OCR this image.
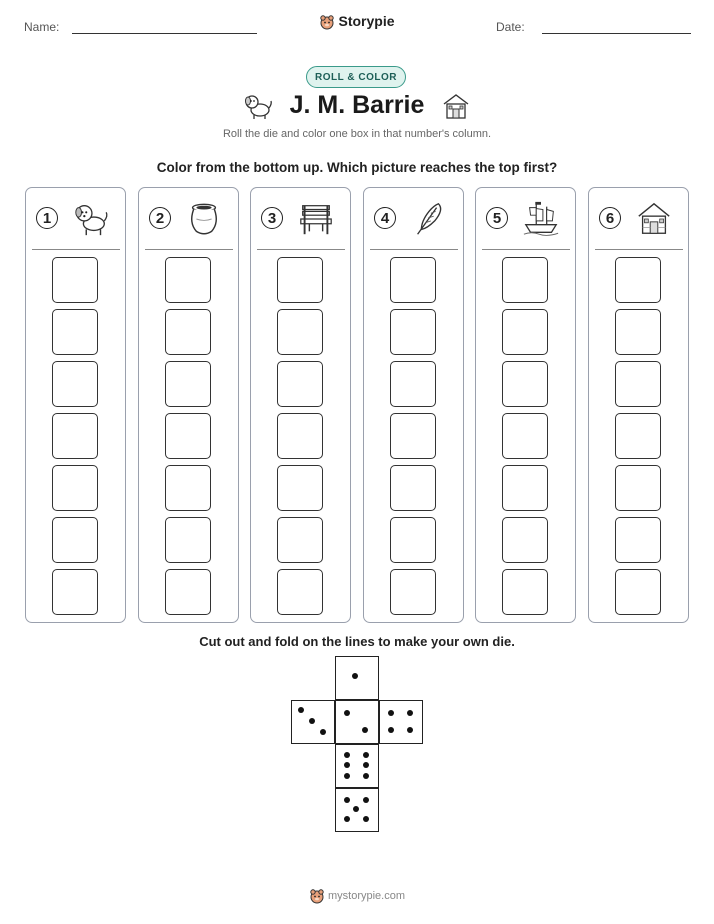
Name:	Storypie	Date:
ROLL & COLOR
J. M. Barrie
Roll the die and color one box in that number's column.
Color from the bottom up. Which picture reaches the top first?
1	2	3	4	5	6
Cut out and fold on the lines to make your own die.
mystorypie.com
